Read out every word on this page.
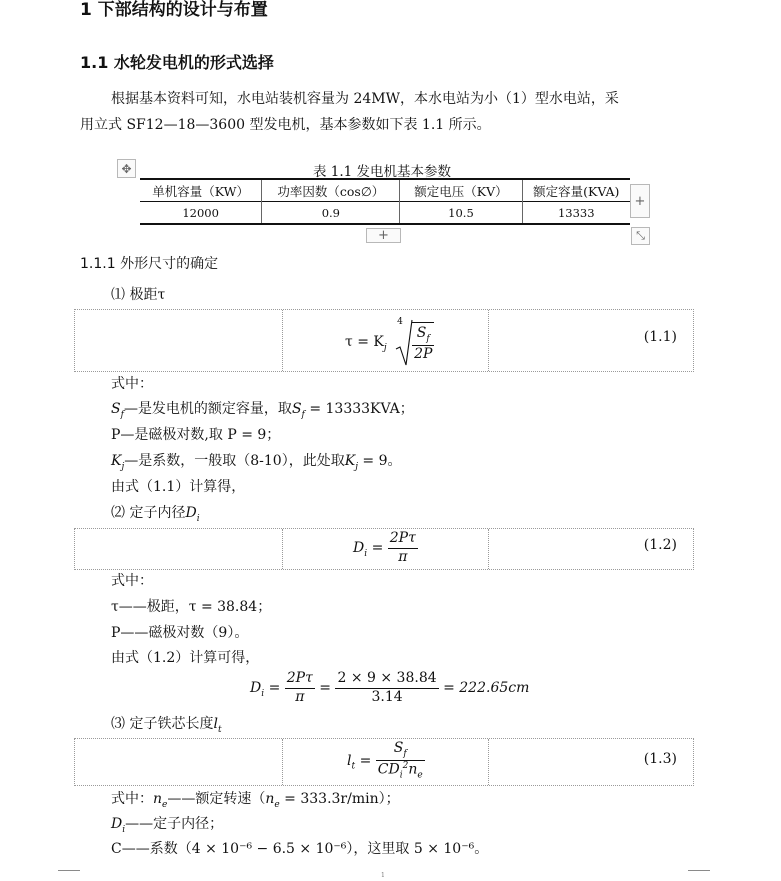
1 下部结构的设计与布置
1.1 水轮发电机的形式选择
根据基本资料可知，水电站装机容量为 24MW，本水电站为小（1）型水电站，采
用立式 SF12—18—3600 型发电机，基本参数如下表 1.1 所示。
✥	表 1.1 发电机基本参数
单机容量（KW）	功率因数（cos∅）	额定电压（KV）	额定容量(KVA)
12000	0.9	10.5	13333
+
+	⤡
1.1.1 外形尺寸的确定
⑴ 极距τ
$\tau = K_j$
4
$\frac{S_f}{2P}$	(1.1)
式中：
$S_f—$是发电机的额定容量，取$S_f = 13333KVA$；
P—是磁极对数,取 P = 9；
$K_j—$是系数，一般取（8-10），此处取$K_j = 9$。
由式（1.1）计算得，
⑵ 定子内径$D_i$
$D_i = \frac{2P\tau}{\pi}$	(1.2)
式中：
τ——极距，τ = 38.84；
P——磁极对数（9）。
由式（1.2）计算可得，
$D_i = \frac{2P\tau}{\pi} = \frac{2 \times 9 \times 38.84}{3.14} = 222.65cm$
⑶ 定子铁芯长度$l_t$
$l_t = \frac{S_f}{CD_i^2n_e}$	(1.3)
式中：$n_e——$额定转速$(n_e = 333.3r/\min)$；
$D_i——$定子内径；
C——系数（4 × 10⁻⁶ − 6.5 × 10⁻⁶），这里取 5 × 10⁻⁶。
1
